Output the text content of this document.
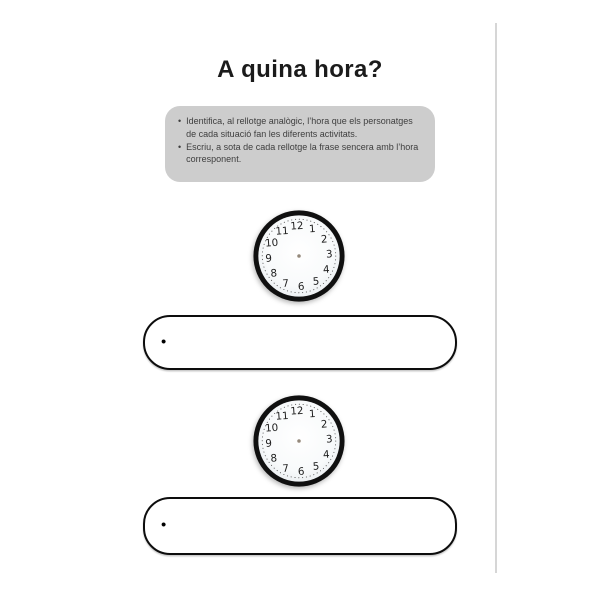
A quina hora?
• Identifica, al rellotge analògic, l’hora que els personatges de cada situació fan les diferents activitats.
• Escriu, a sota de cada rellotge la frase sencera amb l’hora corresponent.
12 1
2
3
4
5
6
7
8
9
10
11
•
12 1
2
3
4
5
6
7
8
9
10
11
•
